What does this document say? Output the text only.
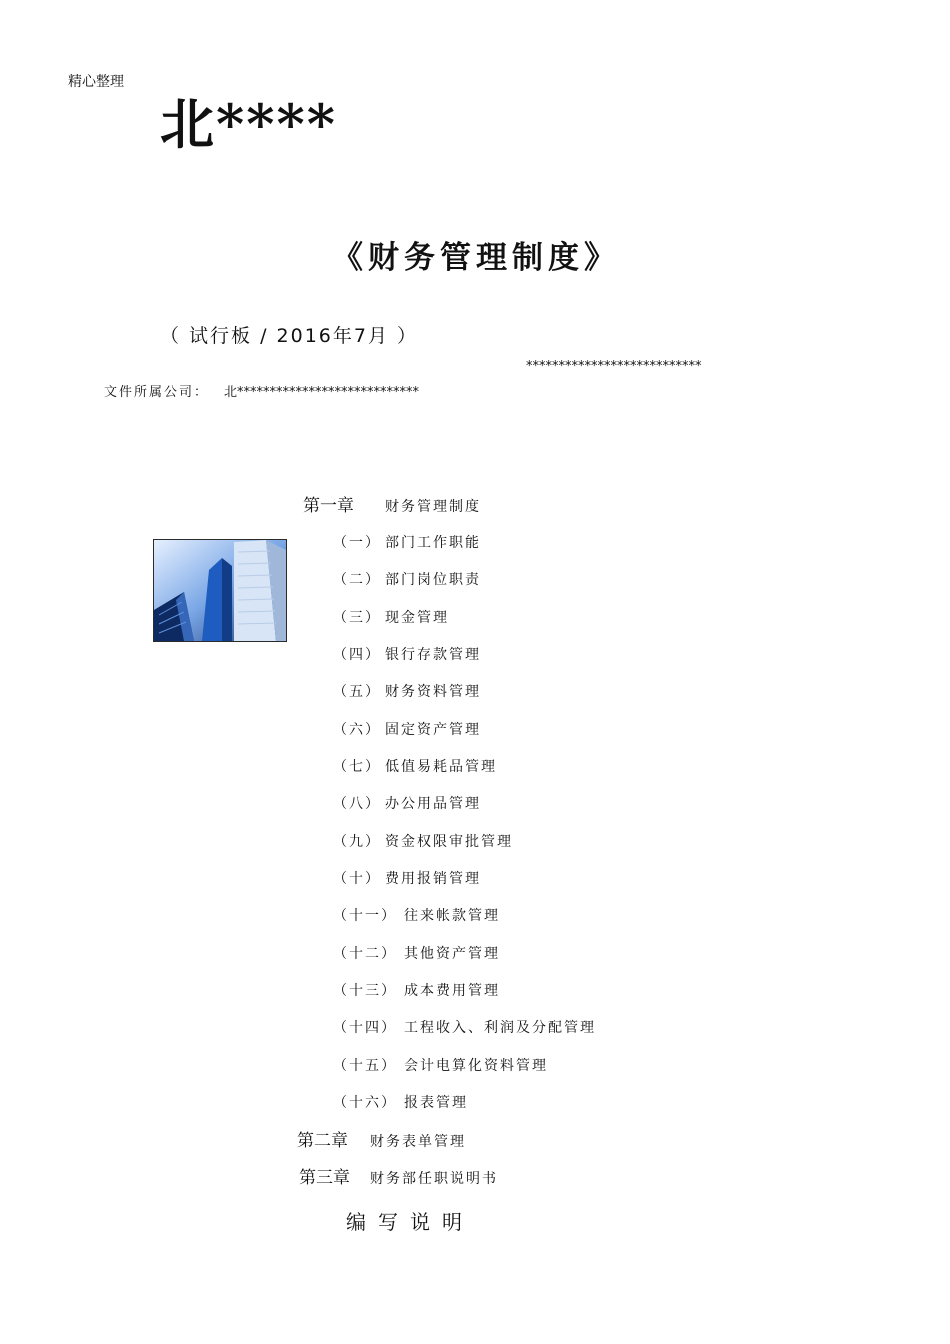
精心整理
北****
《财务管理制度》
（ 试行板 / 2016年7月 ）
***************************
文件所属公司： 北****************************
第一章 财务管理制度
（一） 部门工作职能
（二） 部门岗位职责
（三） 现金管理
（四） 银行存款管理
（五） 财务资料管理
（六） 固定资产管理
（七） 低值易耗品管理
（八） 办公用品管理
（九） 资金权限审批管理
（十） 费用报销管理
（十一） 往来帐款管理
（十二） 其他资产管理
（十三） 成本费用管理
（十四） 工程收入、利润及分配管理
（十五） 会计电算化资料管理
（十六） 报表管理
第二章 财务表单管理
第三章 财务部任职说明书
编写说明
